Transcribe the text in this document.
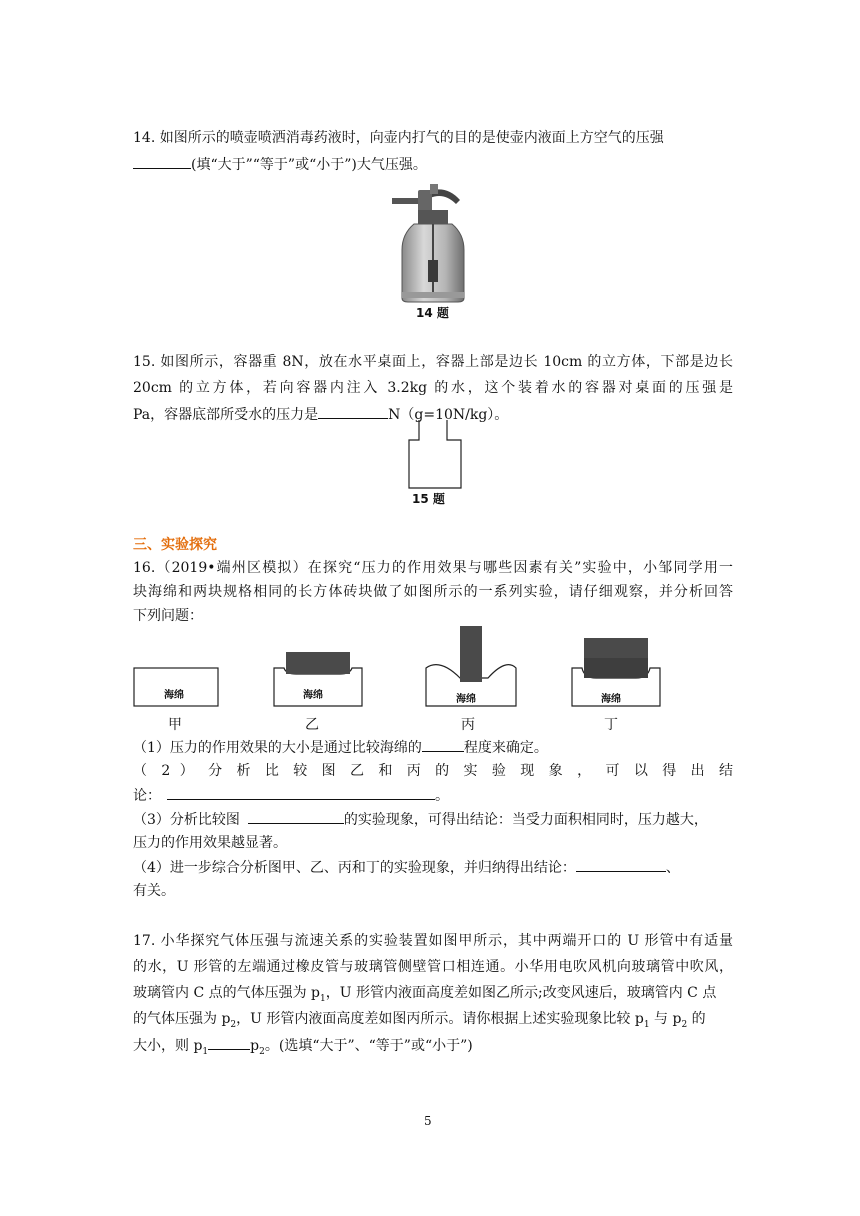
14. 如图所示的喷壶喷洒消毒药液时，向壶内打气的目的是使壶内液面上方空气的压强
(填“大于”“等于”或“小于”)大气压强。
14 题
15. 如图所示，容器重 8N，放在水平桌面上，容器上部是边长 10cm 的立方体，下部是边长
20cm 的立方体，若向容器内注入 3.2kg 的水，这个装着水的容器对桌面的压强是
Pa，容器底部所受水的压力是	N（g=10N/kg）。
15 题
三、实验探究
16.（2019•端州区模拟）在探究“压力的作用效果与哪些因素有关”实验中，小邹同学用一
块海绵和两块规格相同的长方体砖块做了如图所示的一系列实验，请仔细观察，并分析回答
下列问题：
海绵	海绵	海绵	海绵
甲	乙	丙	丁
（1）压力的作用效果的大小是通过比较海绵的	程度来确定。
（ 2 ） 分 析 比 较 图 乙 和 丙 的 实 验 现 象 ， 可 以 得 出 结
论：	。
（3）分析比较图	的实验现象，可得出结论：当受力面积相同时，压力越大，
压力的作用效果越显著。
（4）进一步综合分析图甲、乙、丙和丁的实验现象，并归纳得出结论：	、
有关。
17. 小华探究气体压强与流速关系的实验装置如图甲所示，其中两端开口的 U 形管中有适量
的水，U 形管的左端通过橡皮管与玻璃管侧壁管口相连通。小华用电吹风机向玻璃管中吹风，
玻璃管内 C 点的气体压强为 $p_1$，U 形管内液面高度差如图乙所示;改变风速后，玻璃管内 C 点
的气体压强为 $p_2$，U 形管内液面高度差如图丙所示。请你根据上述实验现象比较 $p_1$ 与 $p_2$ 的
大小，则 $p_1$	$p_2$。(选填“大于”、“等于”或“小于”)
5
